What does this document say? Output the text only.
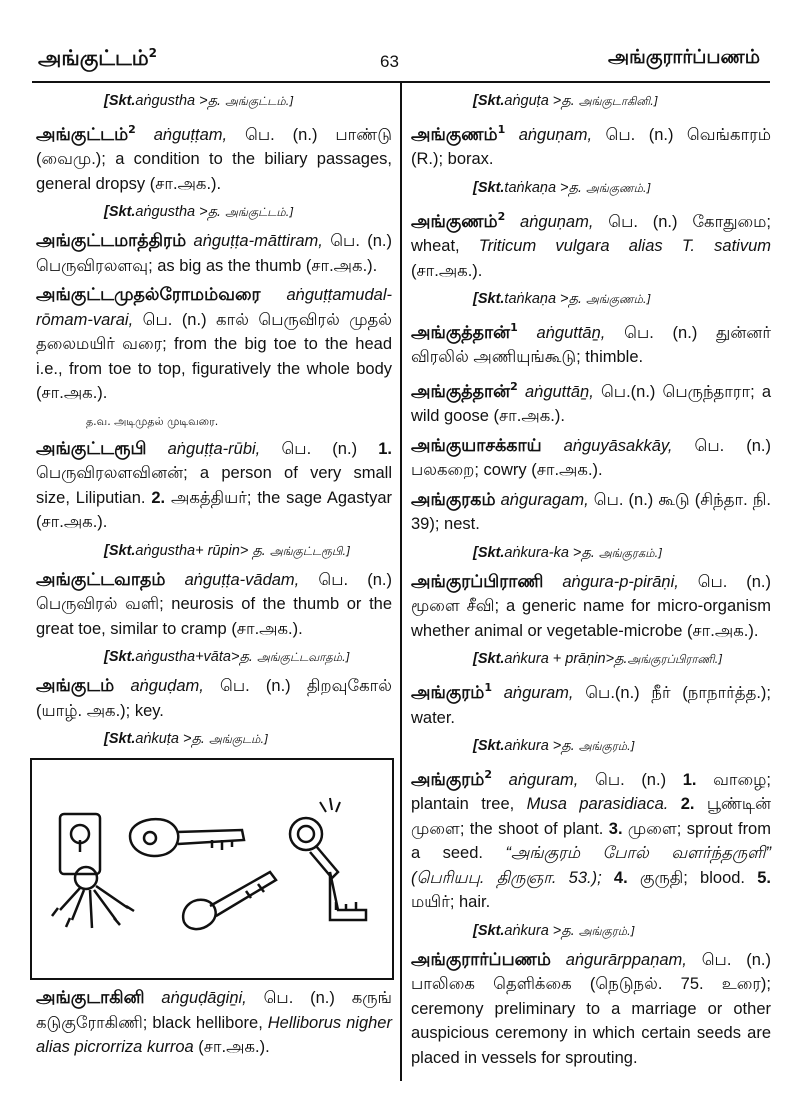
அங்குட்டம்$^2$	63	அங்குரார்ப்பணம்
[Skt.aṅgustha >த. அங்குட்டம்.]

அங்குட்டம்$^2$ aṅguṭṭam, பெ. (n.) பாண்டு (வைமு.); a condition to the biliary passages, general dropsy (சா.அக.).

[Skt.aṅgustha >த. அங்குட்டம்.]

அங்குட்டமாத்திரம் aṅguṭṭa-māttiram, பெ. (n.) பெருவிரலளவு; as big as the thumb (சா.அக.).

அங்குட்டமுதல்ரோமம்வரை aṅguṭṭamudal-rōmam-varai, பெ. (n.) கால் பெருவிரல் முதல் தலைமயிர் வரை; from the big toe to the head i.e., from toe to top, figuratively the whole body (சா.அக.).

த.வ. அடிமுதல் முடிவரை.

அங்குட்டரூபி aṅguṭṭa-rūbi, பெ. (n.) 1. பெருவிரலளவினன்; a person of very small size, Liliputian. 2. அகத்தியர்; the sage Agastyar (சா.அக.).

[Skt.aṅgustha+ rūpin> த. அங்குட்டரூபி.]

அங்குட்டவாதம் aṅguṭṭa-vādam, பெ. (n.) பெருவிரல் வளி; neurosis of the thumb or the great toe, similar to cramp (சா.அக.).

[Skt.aṅgustha+vāta>த. அங்குட்டவாதம்.]

அங்குடம் aṅguḍam, பெ. (n.) திறவுகோல் (யாழ். அக.); key.

[Skt.aṅkuṭa >த. அங்குடம்.]

அங்குடாகினி aṅguḍāgiṉi, பெ. (n.) கருங் கடுகுரோகிணி; black hellibore, Helliborus nigher alias picrorriza kurroa (சா.அக.).

[Skt.aṅguṭa >த. அங்குடாகினி.]

அங்குணம்$^1$ aṅguṇam, பெ. (n.) வெங்காரம் (R.); borax.

[Skt.taṅkaṇa >த. அங்குணம்.]

அங்குணம்$^2$ aṅguṇam, பெ. (n.) கோதுமை; wheat, Triticum vulgara alias T. sativum (சா.அக.).

[Skt.taṅkaṇa >த. அங்குணம்.]

அங்குத்தான்$^1$ aṅguttāṉ, பெ. (n.) துன்னர் விரலில் அணியுங்கூடு; thimble.

அங்குத்தான்$^2$ aṅguttāṉ, பெ.(n.) பெருந்தாரா; a wild goose (சா.அக.).

அங்குயாசக்காய் aṅguyāsakkāy, பெ. (n.) பலகறை; cowry (சா.அக.).

அங்குரகம் aṅguragam, பெ. (n.) கூடு (சிந்தா. நி. 39); nest.

[Skt.aṅkura-ka >த. அங்குரகம்.]

அங்குரப்பிராணி aṅgura-p-pirāṇi, பெ. (n.) மூளை சீவி; a generic name for micro-organism whether animal or vegetable-microbe (சா.அக.).

[Skt.aṅkura + prāṇin>த.அங்குரப்பிராணி.]

அங்குரம்$^1$ aṅguram, பெ.(n.) நீர் (நாநார்த்த.); water.

[Skt.aṅkura >த. அங்குரம்.]

அங்குரம்$^2$ aṅguram, பெ. (n.) 1. வாழை; plantain tree, Musa parasidiaca. 2. பூண்டின் முளை; the shoot of plant. 3. முளை; sprout from a seed. “அங்குரம் போல் வளர்ந்தருளி” (பெரியபு. திருஞா. 53.); 4. குருதி; blood. 5. மயிர்; hair.

[Skt.aṅkura >த. அங்குரம்.]

அங்குரார்ப்பணம் aṅgurārppaṇam, பெ. (n.) பாலிகை தெளிக்கை (நெடுநல். 75. உரை); ceremony preliminary to a marriage or other auspicious ceremony in which certain seeds are placed in vessels for sprouting.
